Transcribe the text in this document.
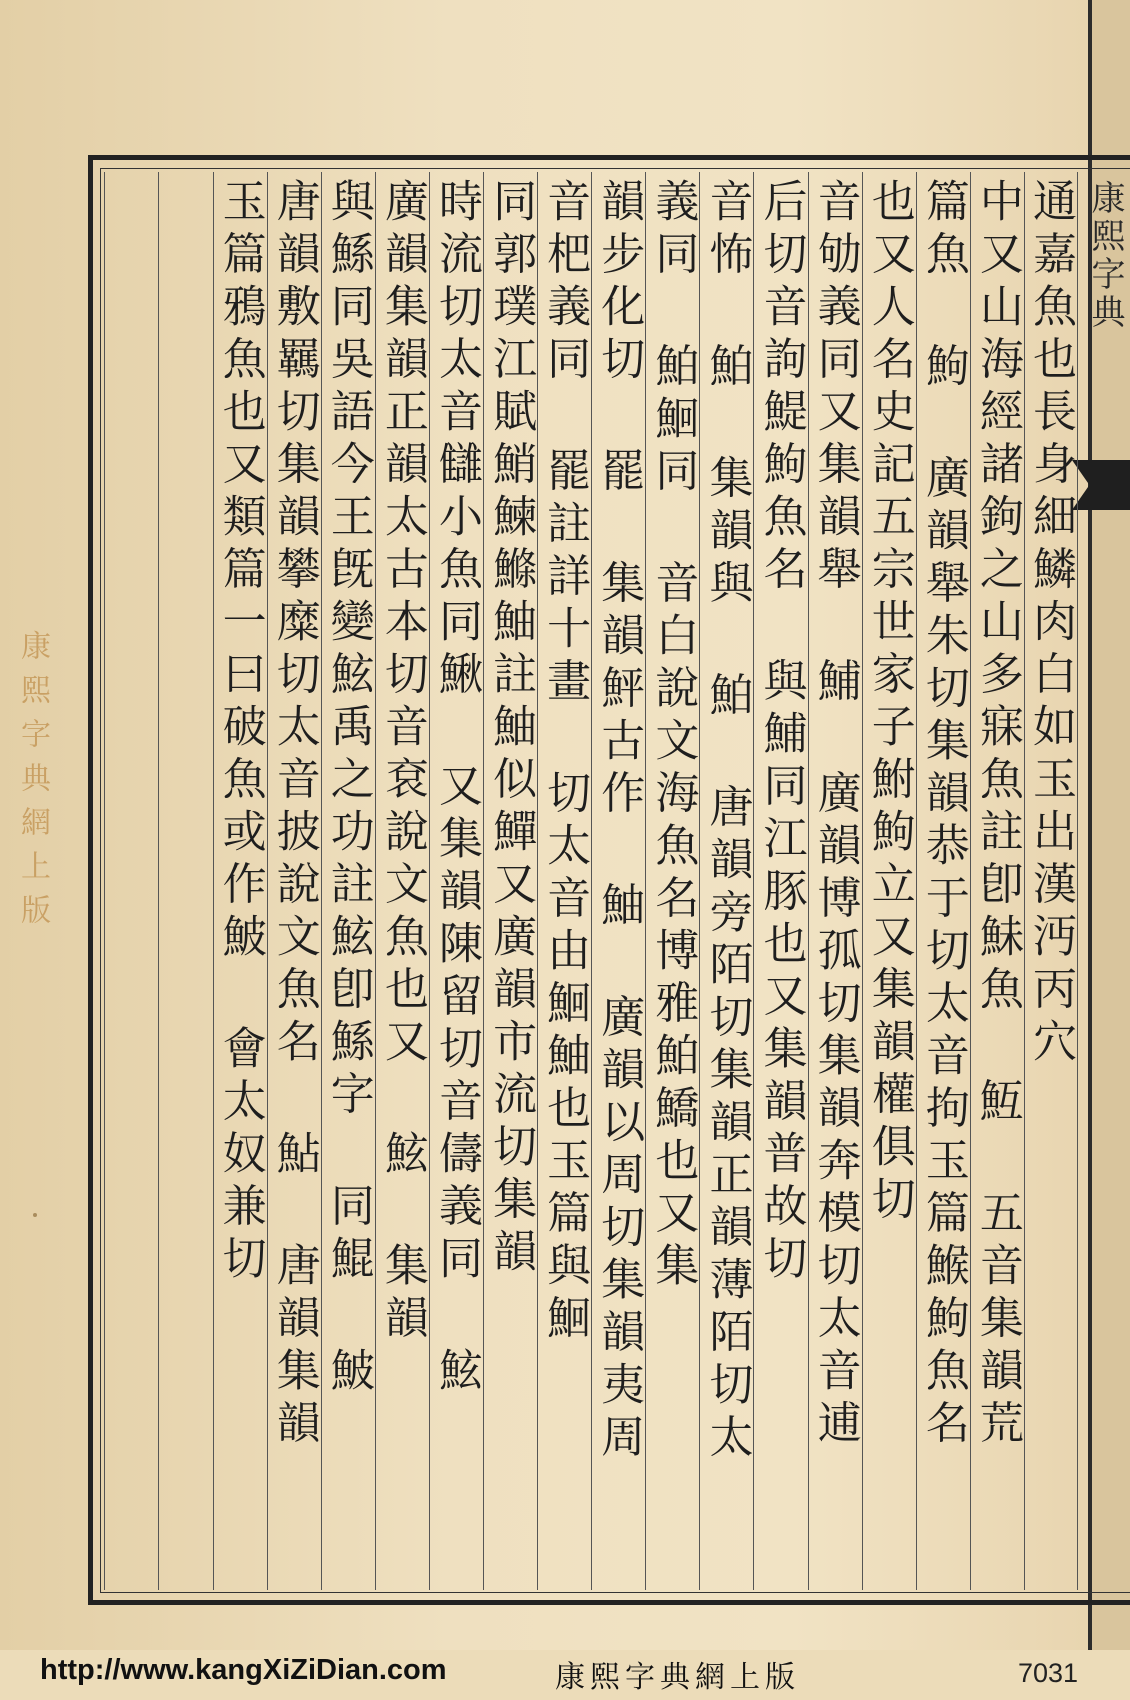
康熙字典
通嘉魚也長身細鱗肉白如玉出漢沔丙穴
中又山海經諸鉤之山多寐魚註卽鮇魚 魱 五音集韻荒
篇魚 鮈 廣韻舉朱切集韻恭于切太音拘玉篇鯸鮈魚名
也又人名史記五宗世家子鮒鮈立又集韻權俱切
音劬義同又集韻舉 鯆 廣韻博孤切集韻奔模切太音逋
后切音訽鯷鮈魚名 與鯆同江豚也又集韻普故切
音怖 鮊 集韻與 鮊 唐韻旁陌切集韻正韻薄陌切太
義同 鮊鮰同 音白說文海魚名博雅鮊鱎也又集
韻步化切 罷 集韻鮃古作 鮋 廣韻以周切集韻夷周
音杷義同 罷註詳十畫 切太音由鮰鮋也玉篇與鮰
同郭璞江賦鮹鰊鰷鮋註鮋似鱓又廣韻市流切集韻
時流切太音讎小魚同鰍 又集韻陳留切音儔義同 鮌
廣韻集韻正韻太古本切音袞說文魚也又 鮌 集韻
與鯀同吳語今王旣變鮌禹之功註鮌卽鯀字 同鯤 鮍
唐韻敷羈切集韻攀糜切太音披說文魚名 鮎 唐韻集韻
玉篇鴉魚也又類篇一曰破魚或作鮍 會太奴兼切
康熙字典網上版
http://www.kangXiZiDian.com	康熙字典網上版	7031
